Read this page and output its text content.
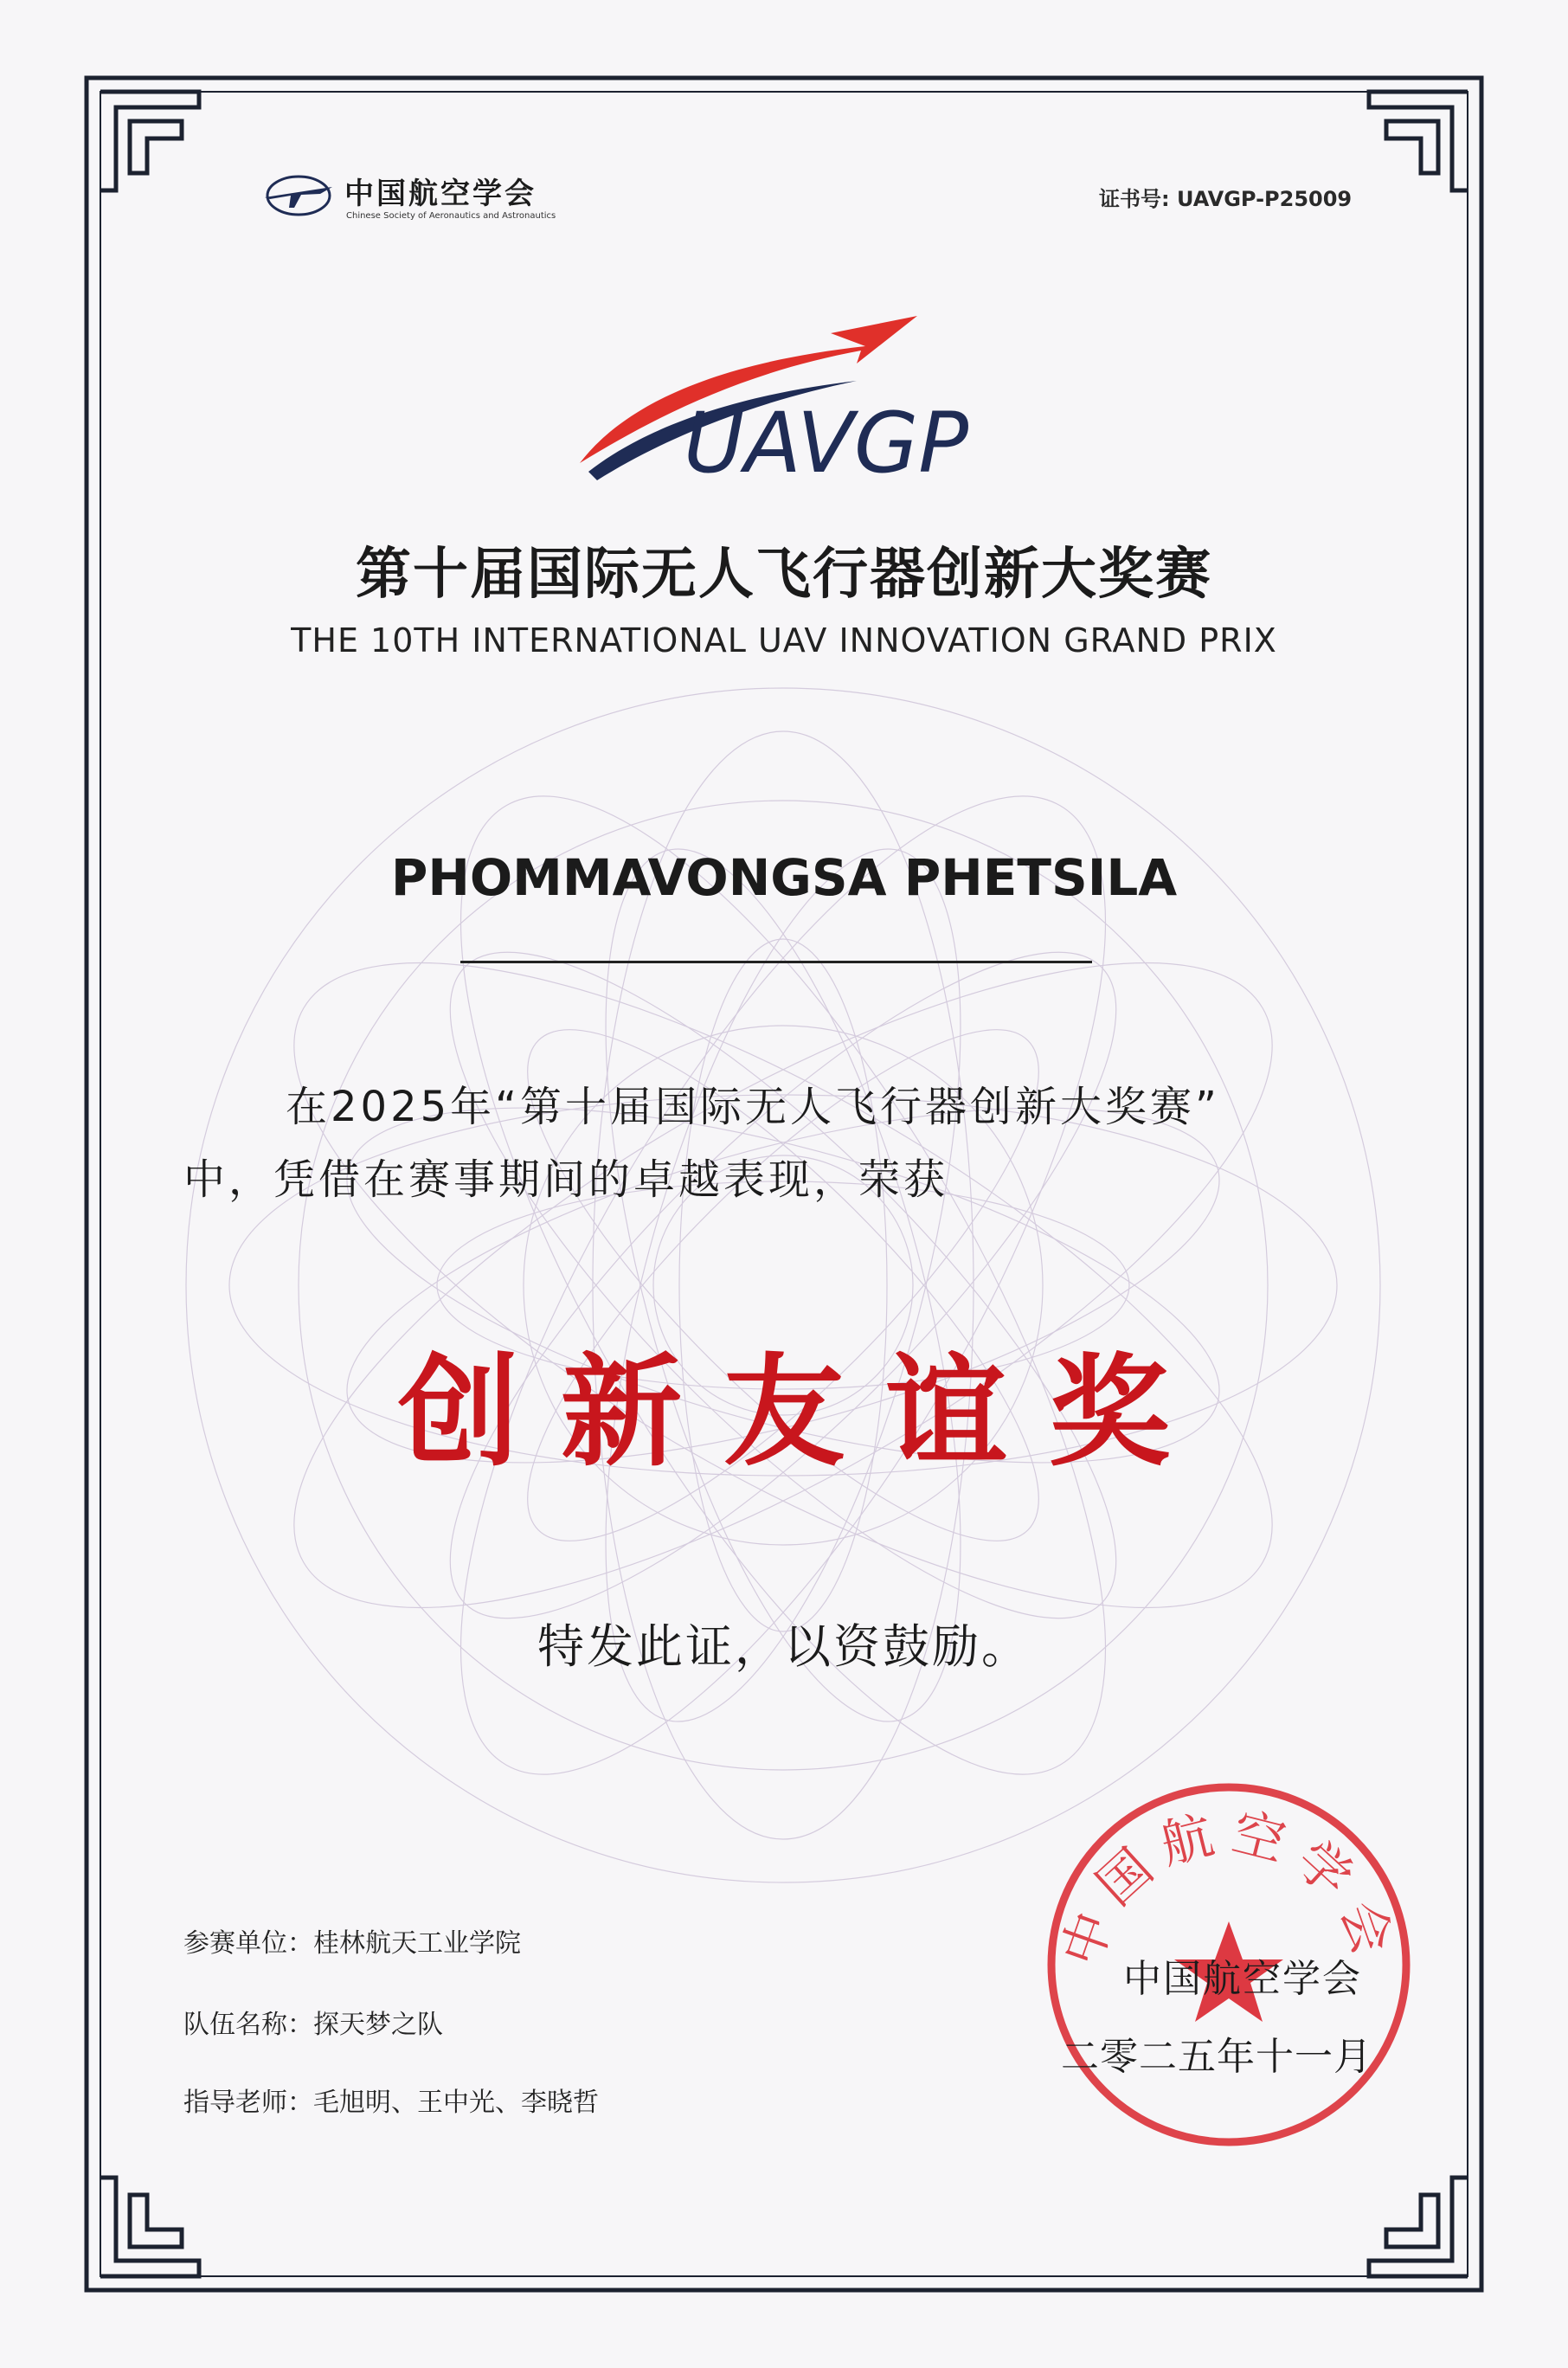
中国航空学会
Chinese Society of Aeronautics and Astronautics
证书号: UAVGP-P25009
UAVGP
第十届国际无人飞行器创新大奖赛
THE 10TH INTERNATIONAL UAV INNOVATION GRAND PRIX
PHOMMAVONGSA PHETSILA
在2025年“第十届国际无人飞行器创新大奖赛”
中，凭借在赛事期间的卓越表现，荣获
创新友谊奖
特发此证，以资鼓励。
参赛单位：桂林航天工业学院
队伍名称：探天梦之队
指导老师：毛旭明、王中光、李晓哲
中国航空学会
中国航空学会
二零二五年十一月
